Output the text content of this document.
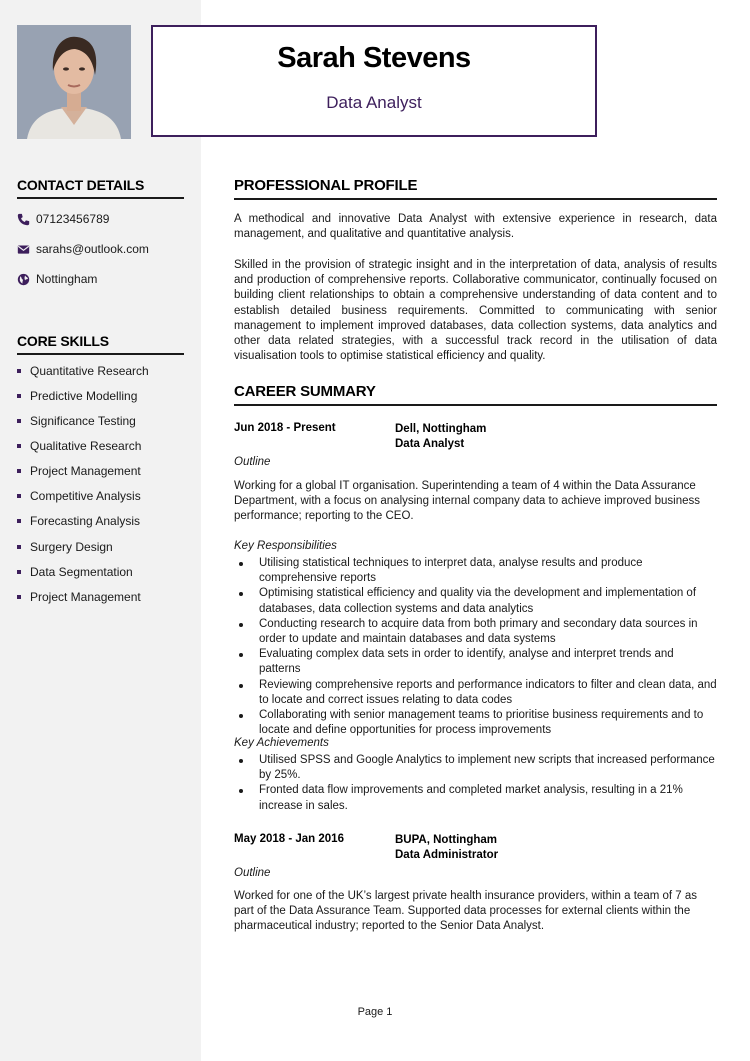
Sarah Stevens
Data Analyst
CONTACT DETAILS
07123456789
sarahs@outlook.com
Nottingham
CORE SKILLS
Quantitative Research
Predictive Modelling
Significance Testing
Qualitative Research
Project Management
Competitive Analysis
Forecasting Analysis
Surgery Design
Data Segmentation
Project Management
PROFESSIONAL PROFILE
A methodical and innovative Data Analyst with extensive experience in research, data management, and qualitative and quantitative analysis.
Skilled in the provision of strategic insight and in the interpretation of data, analysis of results and production of comprehensive reports. Collaborative communicator, continually focused on building client relationships to obtain a comprehensive understanding of data content and to establish detailed business requirements. Committed to communicating with senior management to implement improved databases, data collection systems, data analytics and other data related strategies, with a successful track record in the utilisation of data visualisation tools to optimise statistical efficiency and quality.
CAREER SUMMARY
Jun 2018 - Present	Dell, Nottingham
Data Analyst
Outline
Working for a global IT organisation. Superintending a team of 4 within the Data Assurance Department, with a focus on analysing internal company data to achieve improved business performance; reporting to the CEO.
Key Responsibilities
Utilising statistical techniques to interpret data, analyse results and produce comprehensive reports
Optimising statistical efficiency and quality via the development and implementation of databases, data collection systems and data analytics
Conducting research to acquire data from both primary and secondary data sources in order to update and maintain databases and data systems
Evaluating complex data sets in order to identify, analyse and interpret trends and patterns
Reviewing comprehensive reports and performance indicators to filter and clean data, and to locate and correct issues relating to data codes
Collaborating with senior management teams to prioritise business requirements and to locate and define opportunities for process improvements
Key Achievements
Utilised SPSS and Google Analytics to implement new scripts that increased performance by 25%.
Fronted data flow improvements and completed market analysis, resulting in a 21% increase in sales.
May 2018 - Jan 2016	BUPA, Nottingham
Data Administrator
Outline
Worked for one of the UK’s largest private health insurance providers, within a team of 7 as part of the Data Assurance Team. Supported data processes for external clients within the pharmaceutical industry; reported to the Senior Data Analyst.
Page 1
